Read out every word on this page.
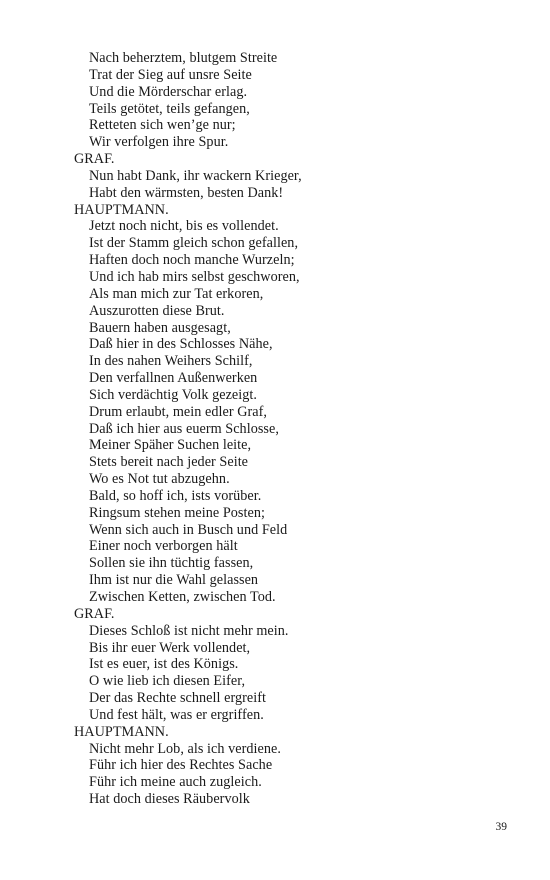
Nach beherztem, blutgem Streite
Trat der Sieg auf unsre Seite
Und die Mörderschar erlag.
Teils getötet, teils gefangen,
Retteten sich wen’ge nur;
Wir verfolgen ihre Spur.
GRAF.
Nun habt Dank, ihr wackern Krieger,
Habt den wärmsten, besten Dank!
HAUPTMANN.
Jetzt noch nicht, bis es vollendet.
Ist der Stamm gleich schon gefallen,
Haften doch noch manche Wurzeln;
Und ich hab mirs selbst geschworen,
Als man mich zur Tat erkoren,
Auszurotten diese Brut.
Bauern haben ausgesagt,
Daß hier in des Schlosses Nähe,
In des nahen Weihers Schilf,
Den verfallnen Außenwerken
Sich verdächtig Volk gezeigt.
Drum erlaubt, mein edler Graf,
Daß ich hier aus euerm Schlosse,
Meiner Späher Suchen leite,
Stets bereit nach jeder Seite
Wo es Not tut abzugehn.
Bald, so hoff ich, ists vorüber.
Ringsum stehen meine Posten;
Wenn sich auch in Busch und Feld
Einer noch verborgen hält
Sollen sie ihn tüchtig fassen,
Ihm ist nur die Wahl gelassen
Zwischen Ketten, zwischen Tod.
GRAF.
Dieses Schloß ist nicht mehr mein.
Bis ihr euer Werk vollendet,
Ist es euer, ist des Königs.
O wie lieb ich diesen Eifer,
Der das Rechte schnell ergreift
Und fest hält, was er ergriffen.
HAUPTMANN.
Nicht mehr Lob, als ich verdiene.
Führ ich hier des Rechtes Sache
Führ ich meine auch zugleich.
Hat doch dieses Räubervolk
39
